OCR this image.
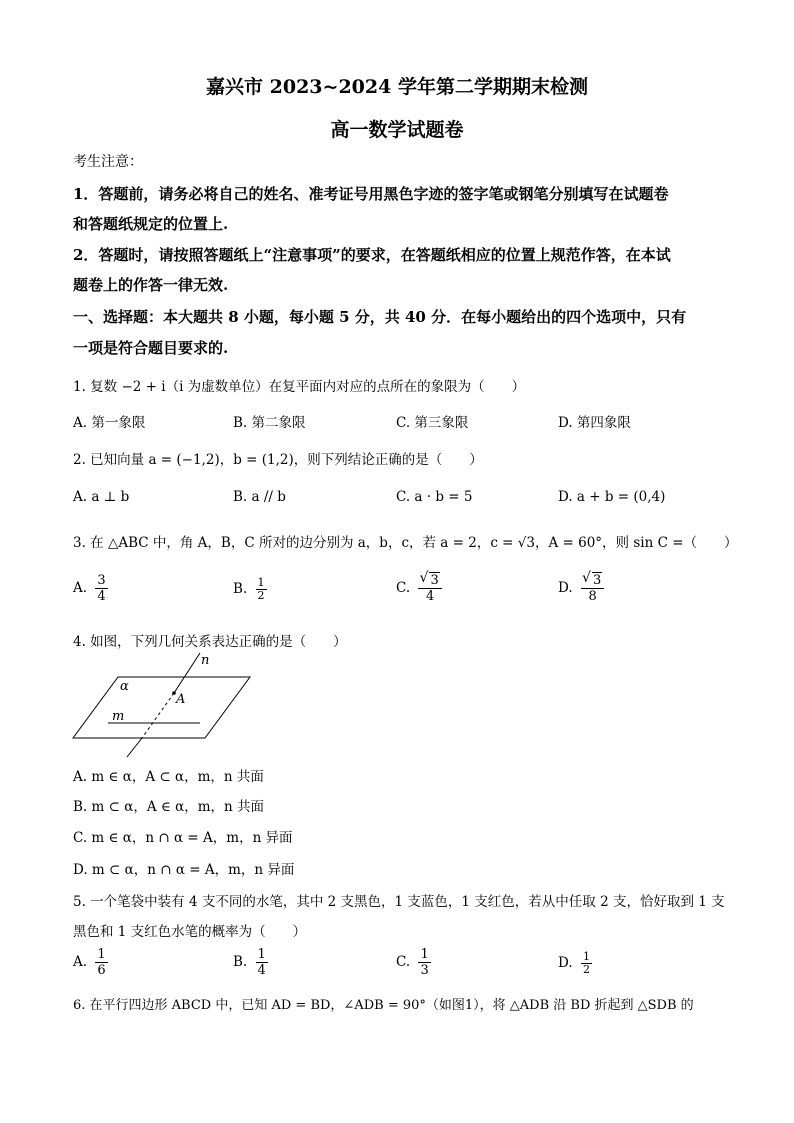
嘉兴市 2023~2024 学年第二学期期末检测
高一数学试题卷
考生注意：
1．答题前，请务必将自己的姓名、准考证号用黑色字迹的签字笔或钢笔分别填写在试题卷
和答题纸规定的位置上.
2．答题时，请按照答题纸上“注意事项”的要求，在答题纸相应的位置上规范作答，在本试
题卷上的作答一律无效.
一、选择题：本大题共 8 小题，每小题 5 分，共 40 分．在每小题给出的四个选项中，只有
一项是符合题目要求的.
1. 复数 −2 + i（i 为虚数单位）在复平面内对应的点所在的象限为（　　）
A. 第一象限	B. 第二象限	C. 第三象限	D. 第四象限
2. 已知向量 a = (−1,2)，b = (1,2)，则下列结论正确的是（　　）
A. a ⊥ b	B. a // b	C. a · b = 5	D. a + b = (0,4)
3. 在 △ABC 中，角 A，B，C 所对的边分别为 a，b，c，若 a = 2，c = √3，A = 60°，则 sin C =（　　）
A. $\frac{3}{4}$	B. $\frac{1}{2}$	C. √ $\frac{3}{4}$	D. √ $\frac{3}{8}$
4. 如图，下列几何关系表达正确的是（　　）
n
α
A
m
A. m ∈ α，A ⊂ α，m，n 共面
B. m ⊂ α，A ∈ α，m，n 共面
C. m ∈ α，n ∩ α = A，m，n 异面
D. m ⊂ α，n ∩ α = A，m，n 异面
5. 一个笔袋中装有 4 支不同的水笔，其中 2 支黑色，1 支蓝色，1 支红色，若从中任取 2 支，恰好取到 1 支
黑色和 1 支红色水笔的概率为（　　）
A. $\frac{1}{6}$	B. $\frac{1}{4}$	C. $\frac{1}{3}$	D. $\frac{1}{2}$
6. 在平行四边形 ABCD 中，已知 AD = BD，∠ADB = 90°（如图1），将 △ADB 沿 BD 折起到 △SDB 的
